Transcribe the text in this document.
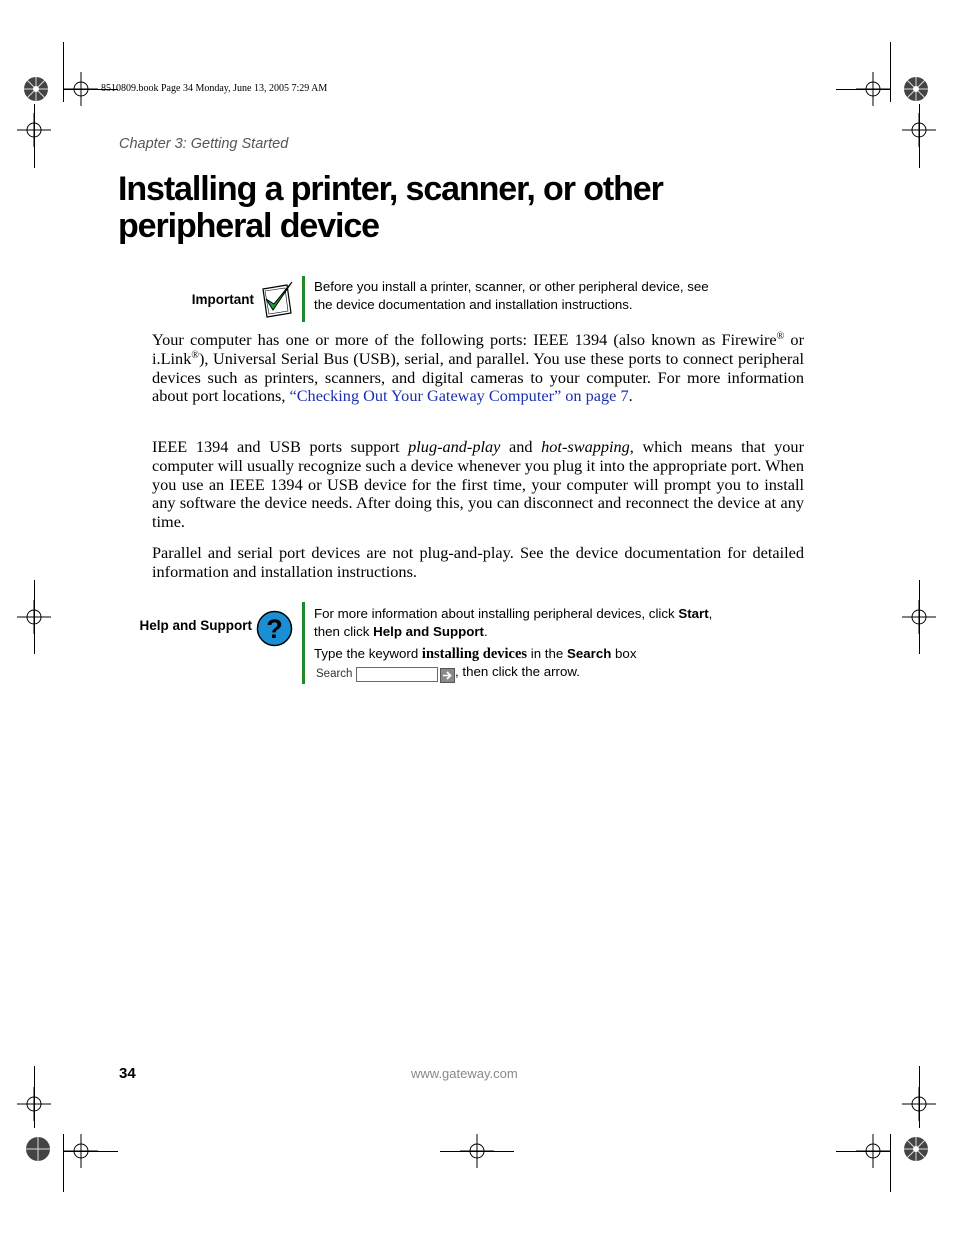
8510809.book Page 34 Monday, June 13, 2005 7:29 AM
Chapter 3: Getting Started
Installing a printer, scanner, or other peripheral device
Important
Before you install a printer, scanner, or other peripheral device, see
the device documentation and installation instructions.

Your computer has one or more of the following ports: IEEE 1394 (also known as Firewire® or i.Link®), Universal Serial Bus (USB), serial, and parallel. You use these ports to connect peripheral devices such as printers, scanners, and digital cameras to your computer. For more information about port locations, “Checking Out Your Gateway Computer” on page 7.

IEEE 1394 and USB ports support plug-and-play and hot-swapping, which means that your computer will usually recognize such a device whenever you plug it into the appropriate port. When you use an IEEE 1394 or USB device for the first time, your computer will prompt you to install any software the device needs. After doing this, you can disconnect and reconnect the device at any time.

Parallel and serial port devices are not plug-and-play. See the device documentation for detailed information and installation instructions.

Help and Support ?
For more information about installing peripheral devices, click Start,
then click Help and Support.
Type the keyword installing devices in the Search box
Search	, then click the arrow.
34	www.gateway.com
